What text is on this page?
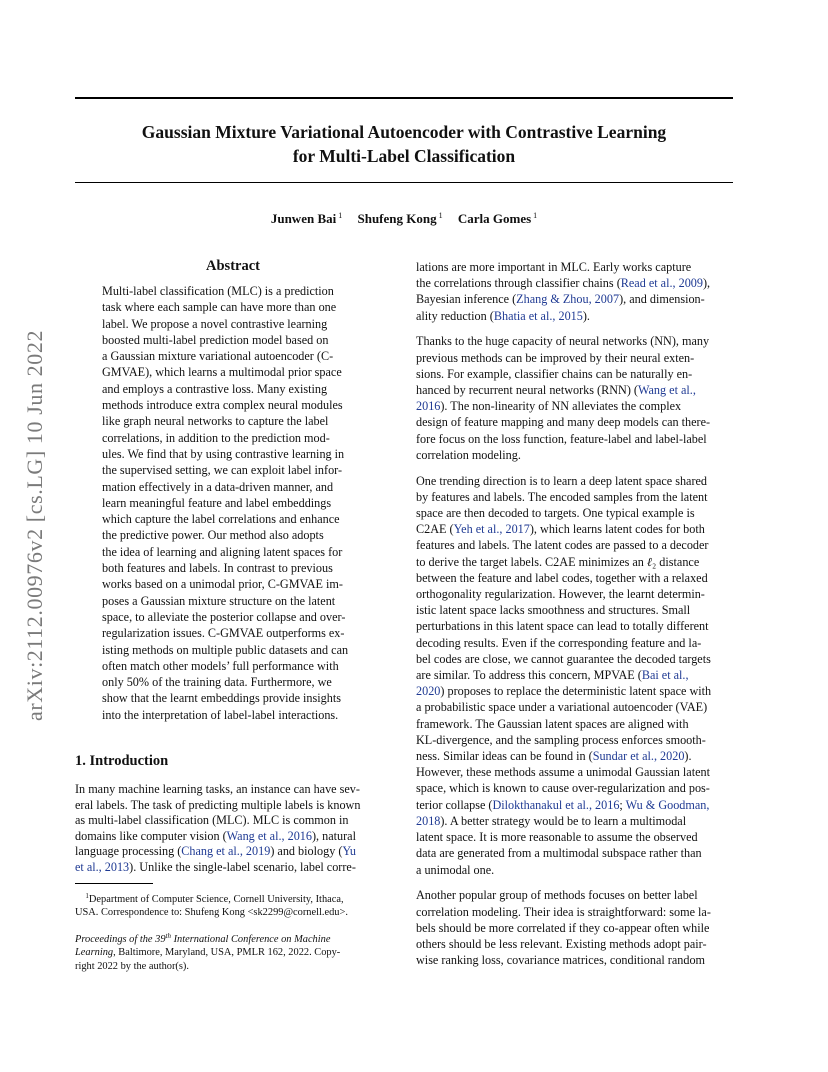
arXiv:2112.00976v2 [cs.LG] 10 Jun 2022
Gaussian Mixture Variational Autoencoder with Contrastive Learning
for Multi-Label Classification
Junwen Bai $^1$ Shufeng Kong $^1$ Carla Gomes $^1$
Abstract
Multi-label classification (MLC) is a prediction
task where each sample can have more than one
label. We propose a novel contrastive learning
boosted multi-label prediction model based on
a Gaussian mixture variational autoencoder (C-
GMVAE), which learns a multimodal prior space
and employs a contrastive loss. Many existing
methods introduce extra complex neural modules
like graph neural networks to capture the label
correlations, in addition to the prediction mod-
ules. We find that by using contrastive learning in
the supervised setting, we can exploit label infor-
mation effectively in a data-driven manner, and
learn meaningful feature and label embeddings
which capture the label correlations and enhance
the predictive power. Our method also adopts
the idea of learning and aligning latent spaces for
both features and labels. In contrast to previous
works based on a unimodal prior, C-GMVAE im-
poses a Gaussian mixture structure on the latent
space, to alleviate the posterior collapse and over-
regularization issues. C-GMVAE outperforms ex-
isting methods on multiple public datasets and can
often match other models’ full performance with
only 50% of the training data. Furthermore, we
show that the learnt embeddings provide insights
into the interpretation of label-label interactions.
1. Introduction
In many machine learning tasks, an instance can have sev-
eral labels. The task of predicting multiple labels is known
as multi-label classification (MLC). MLC is common in
domains like computer vision (Wang et al., 2016), natural
language processing (Chang et al., 2019) and biology (Yu
et al., 2013). Unlike the single-label scenario, label corre-
$^1$Department of Computer Science, Cornell University, Ithaca,
USA. Correspondence to: Shufeng Kong <sk2299@cornell.edu>.
Proceedings of the 39th International Conference on Machine
Learning, Baltimore, Maryland, USA, PMLR 162, 2022. Copy-
right 2022 by the author(s).
lations are more important in MLC. Early works capture
the correlations through classifier chains (Read et al., 2009),
Bayesian inference (Zhang & Zhou, 2007), and dimension-
ality reduction (Bhatia et al., 2015).
Thanks to the huge capacity of neural networks (NN), many
previous methods can be improved by their neural exten-
sions. For example, classifier chains can be naturally en-
hanced by recurrent neural networks (RNN) (Wang et al.,
2016). The non-linearity of NN alleviates the complex
design of feature mapping and many deep models can there-
fore focus on the loss function, feature-label and label-label
correlation modeling.
One trending direction is to learn a deep latent space shared
by features and labels. The encoded samples from the latent
space are then decoded to targets. One typical example is
C2AE (Yeh et al., 2017), which learns latent codes for both
features and labels. The latent codes are passed to a decoder
to derive the target labels. C2AE minimizes an ℓ₂ distance
between the feature and label codes, together with a relaxed
orthogonality regularization. However, the learnt determin-
istic latent space lacks smoothness and structures. Small
perturbations in this latent space can lead to totally different
decoding results. Even if the corresponding feature and la-
bel codes are close, we cannot guarantee the decoded targets
are similar. To address this concern, MPVAE (Bai et al.,
2020) proposes to replace the deterministic latent space with
a probabilistic space under a variational autoencoder (VAE)
framework. The Gaussian latent spaces are aligned with
KL-divergence, and the sampling process enforces smooth-
ness. Similar ideas can be found in (Sundar et al., 2020).
However, these methods assume a unimodal Gaussian latent
space, which is known to cause over-regularization and pos-
terior collapse (Dilokthanakul et al., 2016; Wu & Goodman,
2018). A better strategy would be to learn a multimodal
latent space. It is more reasonable to assume the observed
data are generated from a multimodal subspace rather than
a unimodal one.
Another popular group of methods focuses on better label
correlation modeling. Their idea is straightforward: some la-
bels should be more correlated if they co-appear often while
others should be less relevant. Existing methods adopt pair-
wise ranking loss, covariance matrices, conditional random
